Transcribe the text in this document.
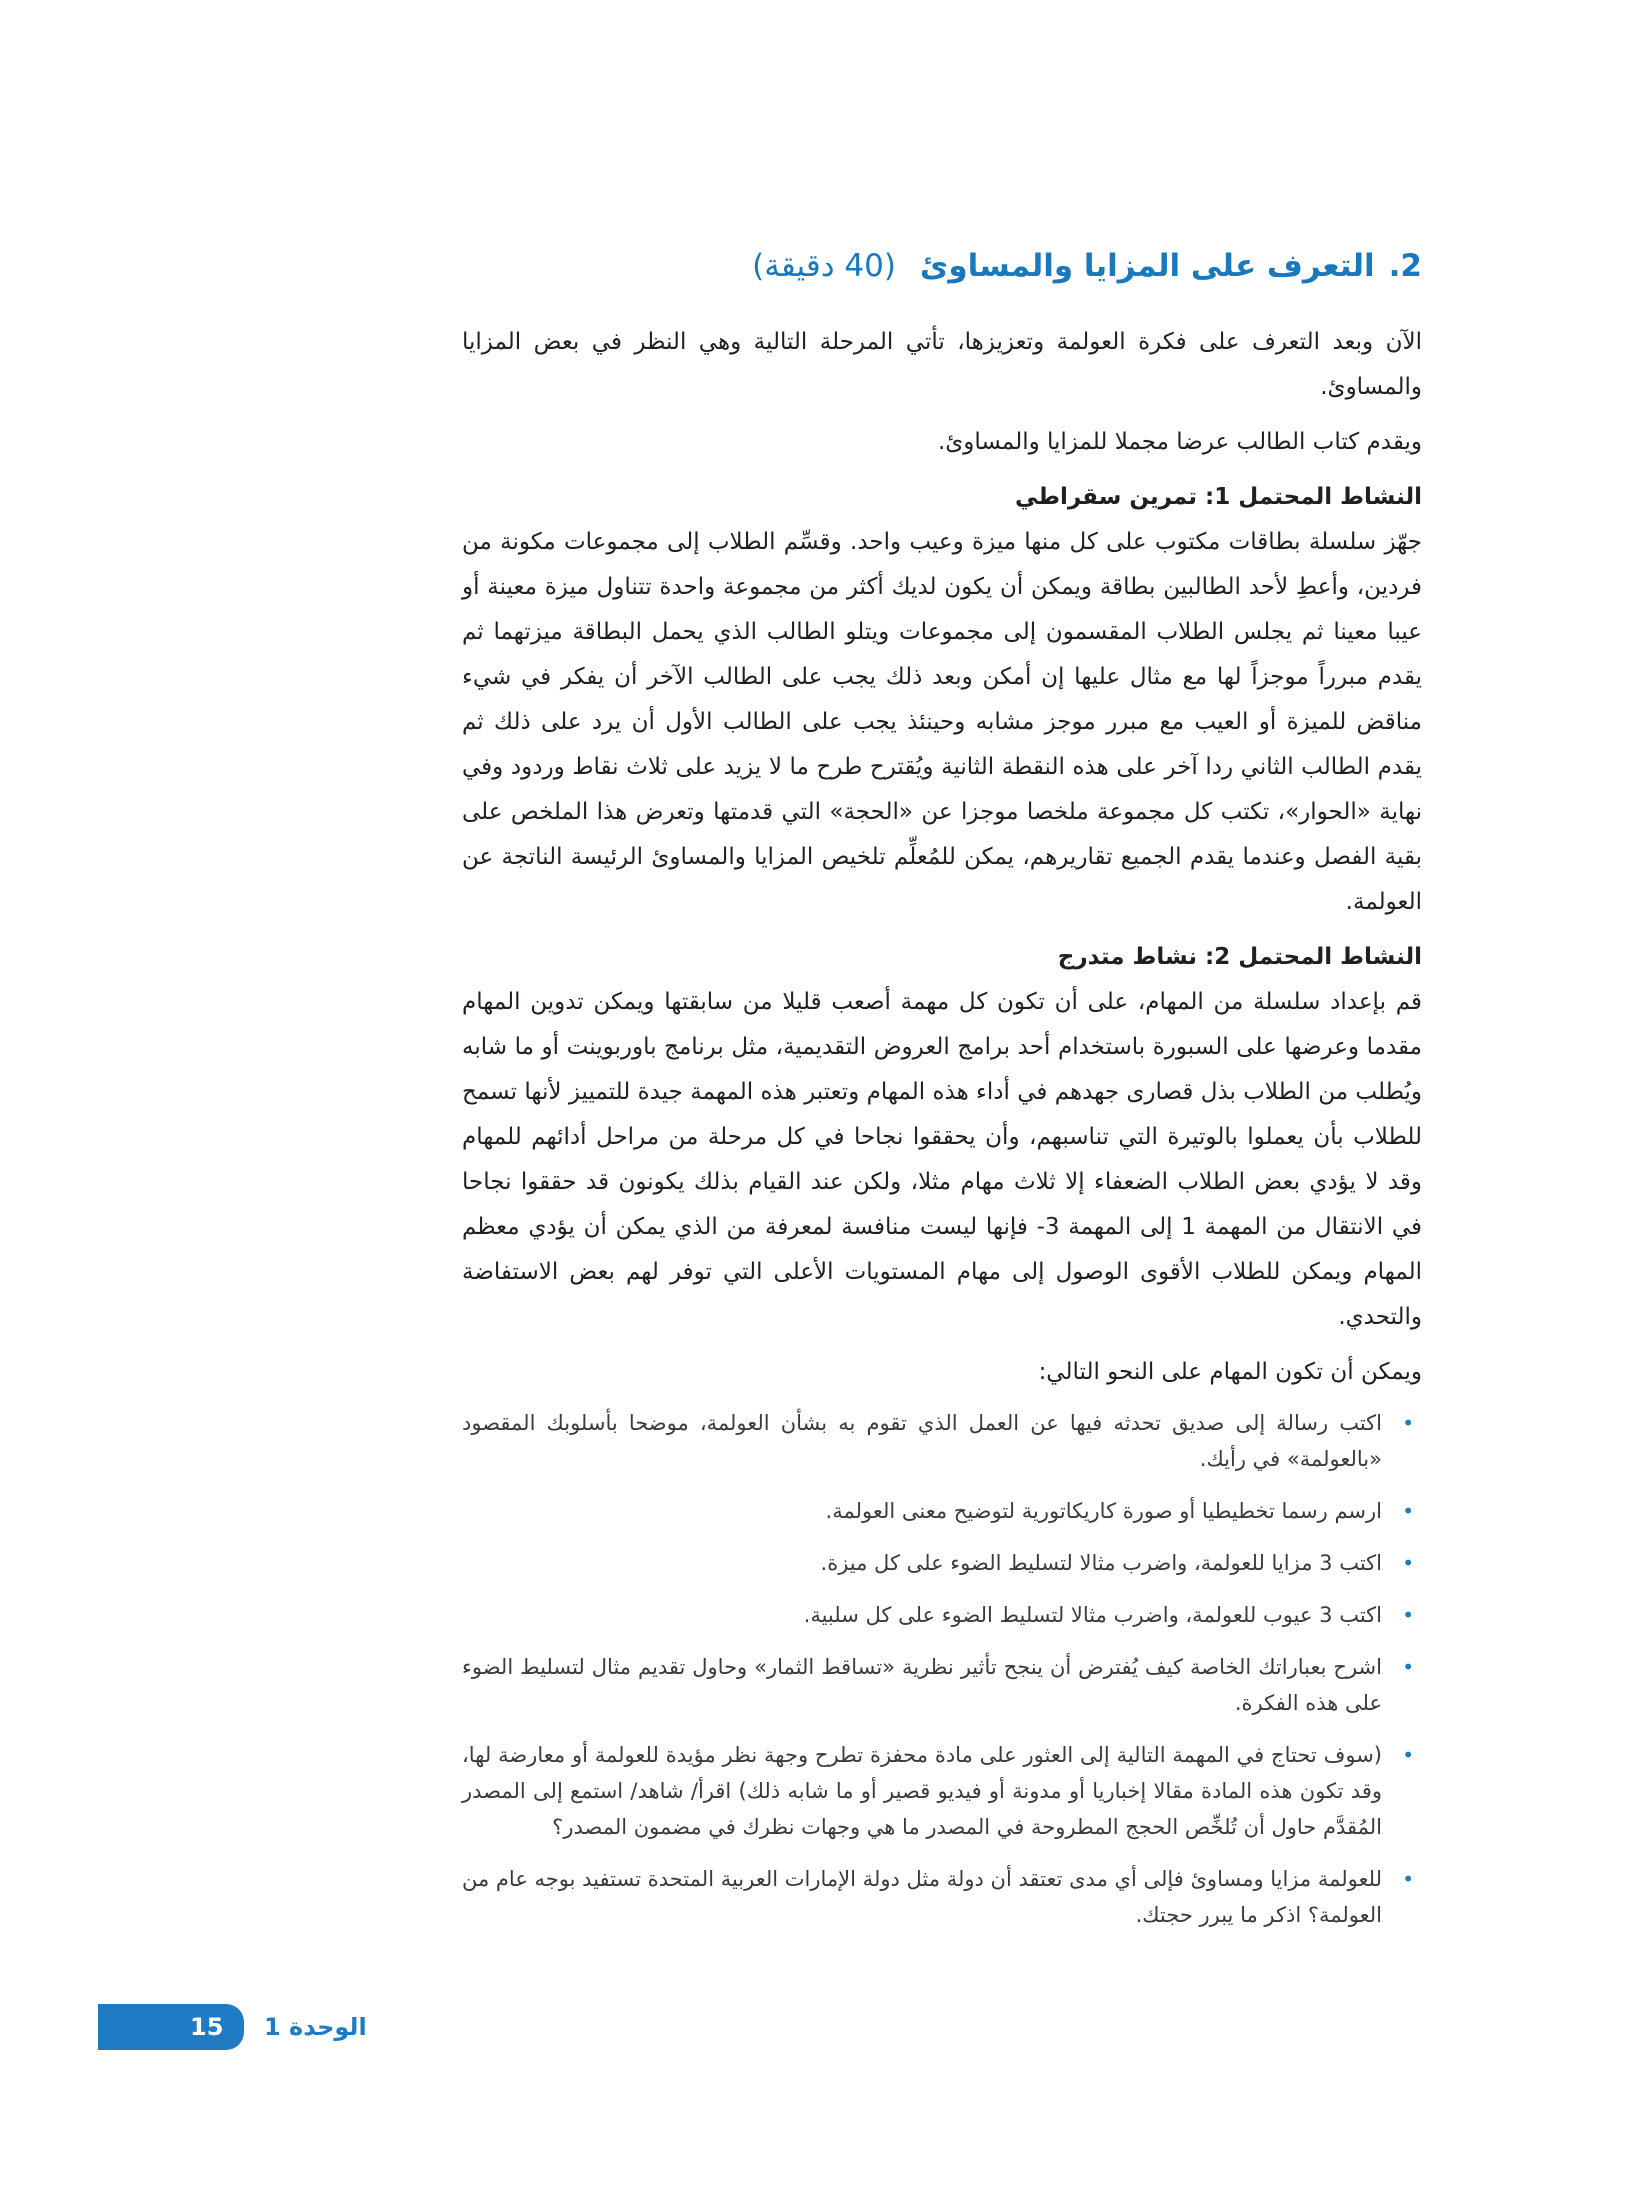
2.التعرف على المزايا والمساوئ(40 دقيقة)

الآن وبعد التعرف على فكرة العولمة وتعزيزها، تأتي المرحلة التالية وهي النظر في بعض المزايا والمساوئ.

ويقدم كتاب الطالب عرضا مجملا للمزايا والمساوئ.

النشاط المحتمل 1: تمرين سقراطي

جهّز سلسلة بطاقات مكتوب على كل منها ميزة وعيب واحد. وقسِّم الطلاب إلى مجموعات مكونة من فردين، وأعطِ لأحد الطالبين بطاقة ويمكن أن يكون لديك أكثر من مجموعة واحدة تتناول ميزة معينة أو عيبا معينا ثم يجلس الطلاب المقسمون إلى مجموعات ويتلو الطالب الذي يحمل البطاقة ميزتهما ثم يقدم مبرراً موجزاً لها مع مثال عليها إن أمكن وبعد ذلك يجب على الطالب الآخر أن يفكر في شيء مناقض للميزة أو العيب مع مبرر موجز مشابه وحينئذ يجب على الطالب الأول أن يرد على ذلك ثم يقدم الطالب الثاني ردا آخر على هذه النقطة الثانية ويُقترح طرح ما لا يزيد على ثلاث نقاط وردود وفي نهاية «الحوار»، تكتب كل مجموعة ملخصا موجزا عن «الحجة» التي قدمتها وتعرض هذا الملخص على بقية الفصل وعندما يقدم الجميع تقاريرهم، يمكن للمُعلِّم تلخيص المزايا والمساوئ الرئيسة الناتجة عن العولمة.

النشاط المحتمل 2: نشاط متدرج

قم بإعداد سلسلة من المهام، على أن تكون كل مهمة أصعب قليلا من سابقتها ويمكن تدوين المهام مقدما وعرضها على السبورة باستخدام أحد برامج العروض التقديمية، مثل برنامج باوربوينت أو ما شابه ويُطلب من الطلاب بذل قصارى جهدهم في أداء هذه المهام وتعتبر هذه المهمة جيدة للتمييز لأنها تسمح للطلاب بأن يعملوا بالوتيرة التي تناسبهم، وأن يحققوا نجاحا في كل مرحلة من مراحل أدائهم للمهام وقد لا يؤدي بعض الطلاب الضعفاء إلا ثلاث مهام مثلا، ولكن عند القيام بذلك يكونون قد حققوا نجاحا في الانتقال من المهمة 1 إلى المهمة 3- فإنها ليست منافسة لمعرفة من الذي يمكن أن يؤدي معظم المهام ويمكن للطلاب الأقوى الوصول إلى مهام المستويات الأعلى التي توفر لهم بعض الاستفاضة والتحدي.

ويمكن أن تكون المهام على النحو التالي:

•
اكتب رسالة إلى صديق تحدثه فيها عن العمل الذي تقوم به بشأن العولمة، موضحا بأسلوبك المقصود «بالعولمة» في رأيك.
•
ارسم رسما تخطيطيا أو صورة كاريكاتورية لتوضيح معنى العولمة.
•
اكتب 3 مزايا للعولمة، واضرب مثالا لتسليط الضوء على كل ميزة.
•
اكتب 3 عيوب للعولمة، واضرب مثالا لتسليط الضوء على كل سلبية.
•
اشرح بعباراتك الخاصة كيف يُفترض أن ينجح تأثير نظرية «تساقط الثمار» وحاول تقديم مثال لتسليط الضوء على هذه الفكرة.
•
(سوف تحتاج في المهمة التالية إلى العثور على مادة محفزة تطرح وجهة نظر مؤيدة للعولمة أو معارضة لها، وقد تكون هذه المادة مقالا إخباريا أو مدونة أو فيديو قصير أو ما شابه ذلك) اقرأ/ شاهد/ استمع إلى المصدر المُقدَّم حاول أن تُلخِّص الحجج المطروحة في المصدر ما هي وجهات نظرك في مضمون المصدر؟
•
للعولمة مزايا ومساوئ فإلى أي مدى تعتقد أن دولة مثل دولة الإمارات العربية المتحدة تستفيد بوجه عام من العولمة؟ اذكر ما يبرر حجتك.
15 الوحدة 1
